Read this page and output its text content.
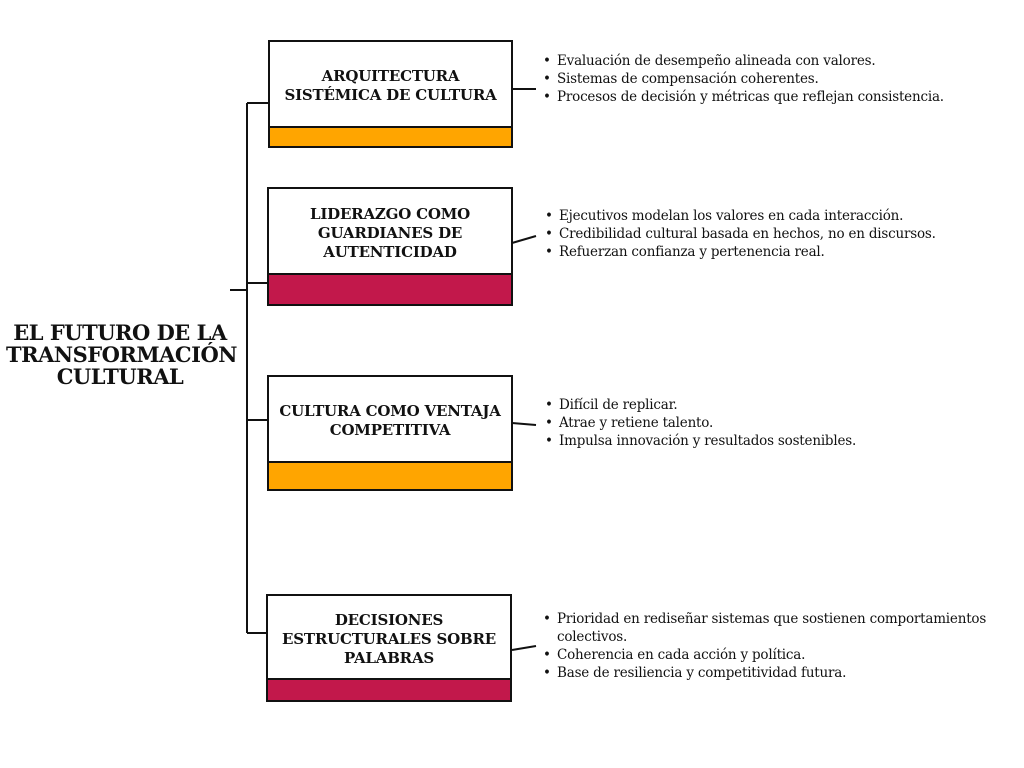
EL FUTURO DE LA TRANSFORMACIÓN CULTURAL
ARQUITECTURA SISTÉMICA DE CULTURA
• Evaluación de desempeño alineada con valores.
• Sistemas de compensación coherentes.
• Procesos de decisión y métricas que reflejan consistencia.
LIDERAZGO COMO GUARDIANES DE AUTENTICIDAD
• Ejecutivos modelan los valores en cada interacción.
• Credibilidad cultural basada en hechos, no en discursos.
• Refuerzan confianza y pertenencia real.
CULTURA COMO VENTAJA COMPETITIVA
• Difícil de replicar.
• Atrae y retiene talento.
• Impulsa innovación y resultados sostenibles.
DECISIONES ESTRUCTURALES SOBRE PALABRAS
• Prioridad en rediseñar sistemas que sostienen comportamientos colectivos.
• Coherencia en cada acción y política.
• Base de resiliencia y competitividad futura.
